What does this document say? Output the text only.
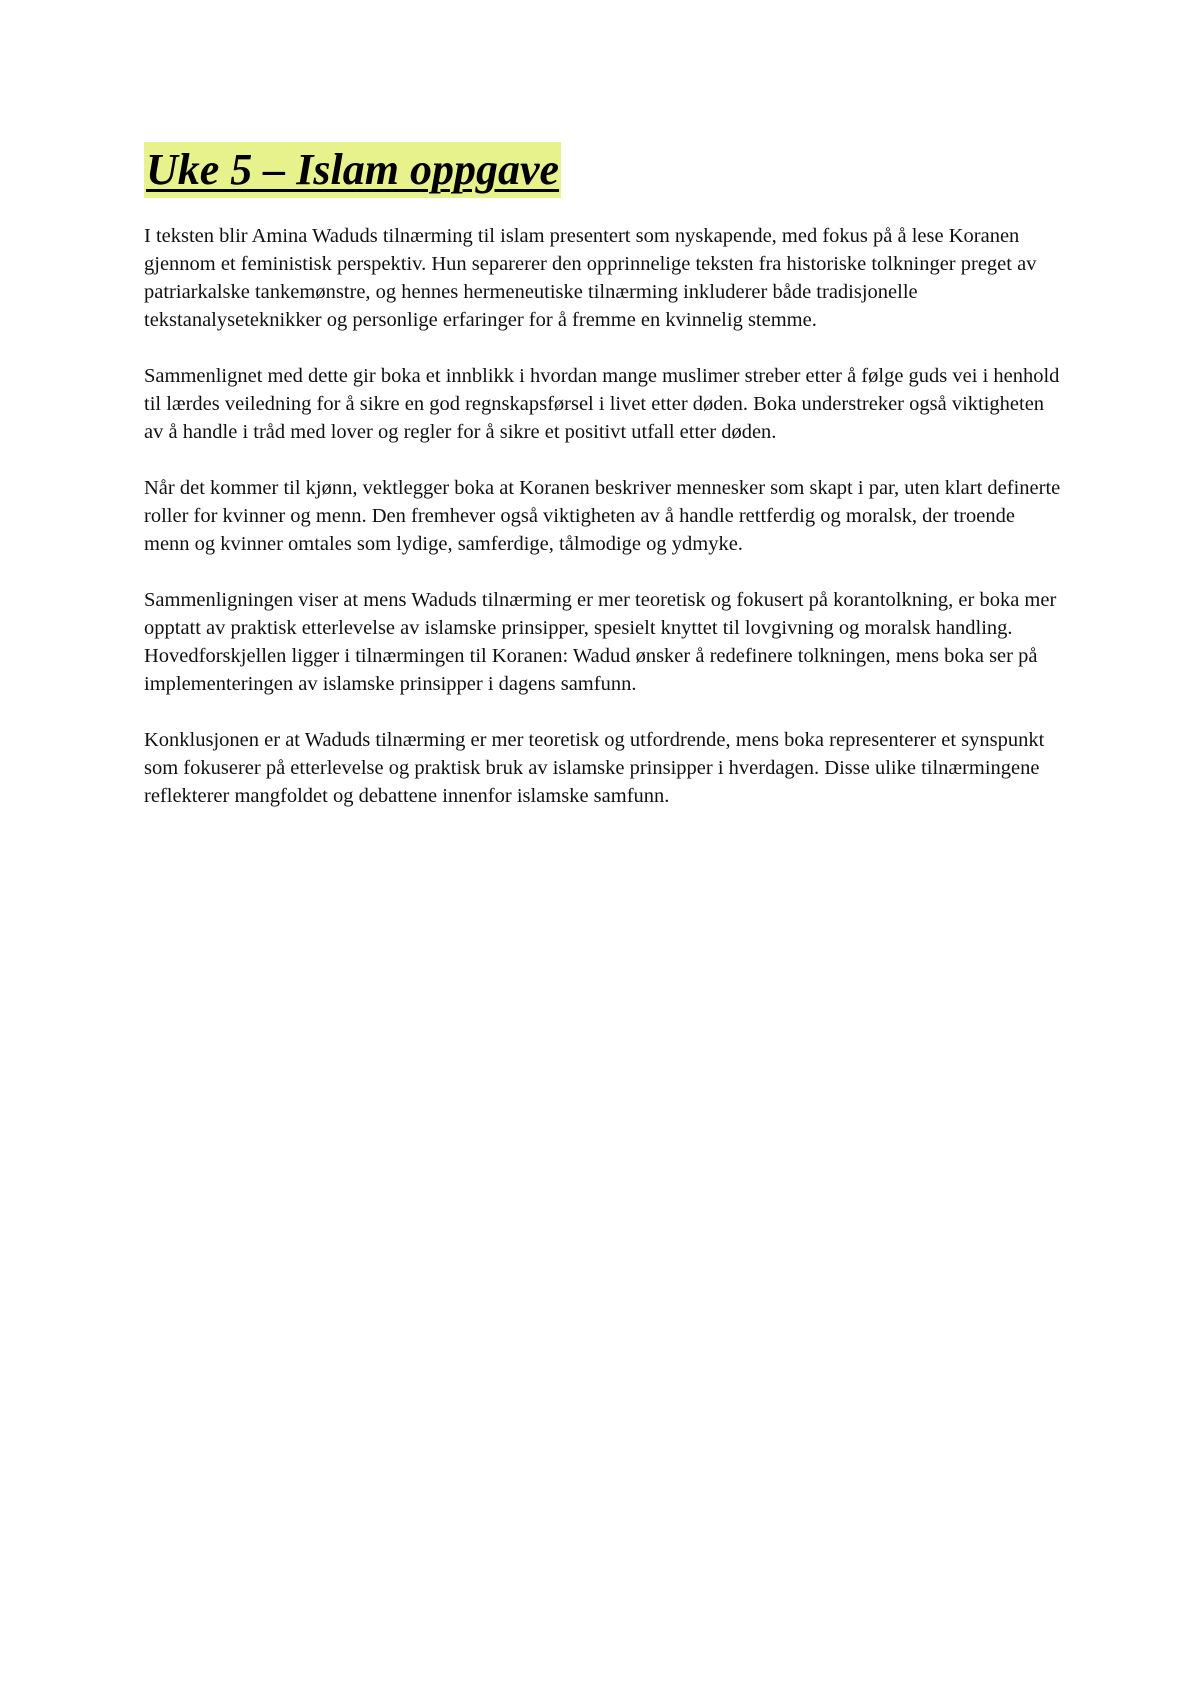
Uke 5 – Islam oppgave

I teksten blir Amina Waduds tilnærming til islam presentert som nyskapende, med fokus på å lese Koranen gjennom et feministisk perspektiv. Hun separerer den opprinnelige teksten fra historiske tolkninger preget av patriarkalske tankemønstre, og hennes hermeneutiske tilnærming inkluderer både tradisjonelle tekstanalyseteknikker og personlige erfaringer for å fremme en kvinnelig stemme.

Sammenlignet med dette gir boka et innblikk i hvordan mange muslimer streber etter å følge guds vei i henhold til lærdes veiledning for å sikre en god regnskapsførsel i livet etter døden. Boka understreker også viktigheten av å handle i tråd med lover og regler for å sikre et positivt utfall etter døden.

Når det kommer til kjønn, vektlegger boka at Koranen beskriver mennesker som skapt i par, uten klart definerte roller for kvinner og menn. Den fremhever også viktigheten av å handle rettferdig og moralsk, der troende menn og kvinner omtales som lydige, samferdige, tålmodige og ydmyke.

Sammenligningen viser at mens Waduds tilnærming er mer teoretisk og fokusert på korantolkning, er boka mer opptatt av praktisk etterlevelse av islamske prinsipper, spesielt knyttet til lovgivning og moralsk handling. Hovedforskjellen ligger i tilnærmingen til Koranen: Wadud ønsker å redefinere tolkningen, mens boka ser på implementeringen av islamske prinsipper i dagens samfunn.

Konklusjonen er at Waduds tilnærming er mer teoretisk og utfordrende, mens boka representerer et synspunkt som fokuserer på etterlevelse og praktisk bruk av islamske prinsipper i hverdagen. Disse ulike tilnærmingene reflekterer mangfoldet og debattene innenfor islamske samfunn.
